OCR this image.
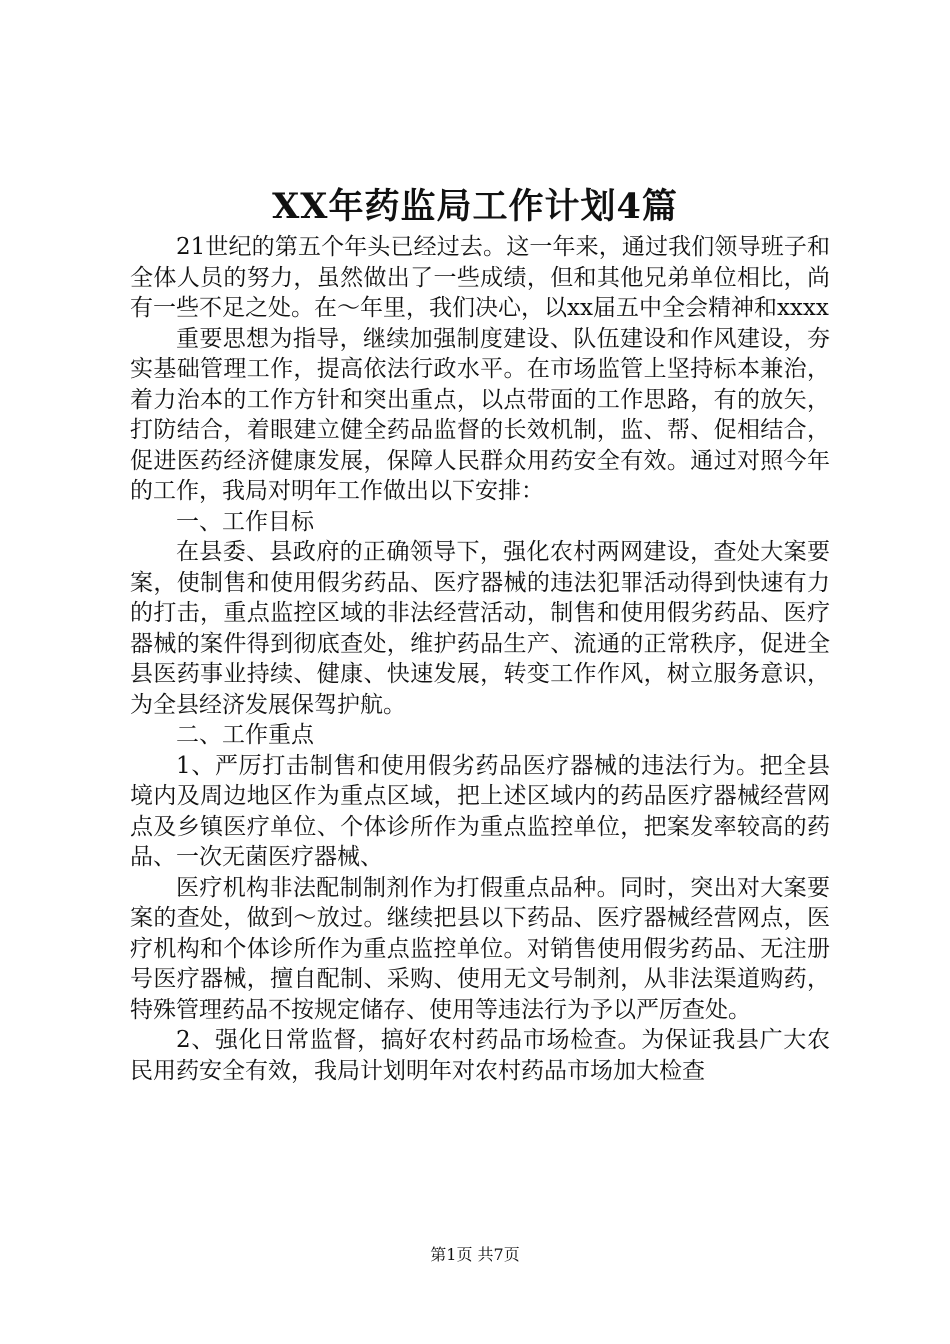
XX年药监局工作计划4篇

21世纪的第五个年头已经过去。这一年来，通过我们领导班子和全体人员的努力，虽然做出了一些成绩，但和其他兄弟单位相比，尚有一些不足之处。在～年里，我们决心，以xx届五中全会精神和xxxx

重要思想为指导，继续加强制度建设、队伍建设和作风建设，夯实基础管理工作，提高依法行政水平。在市场监管上坚持标本兼治，着力治本的工作方针和突出重点，以点带面的工作思路，有的放矢，打防结合，着眼建立健全药品监督的长效机制，监、帮、促相结合，促进医药经济健康发展，保障人民群众用药安全有效。通过对照今年的工作，我局对明年工作做出以下安排：

一、工作目标

在县委、县政府的正确领导下，强化农村两网建设，查处大案要案，使制售和使用假劣药品、医疗器械的违法犯罪活动得到快速有力的打击，重点监控区域的非法经营活动，制售和使用假劣药品、医疗器械的案件得到彻底查处，维护药品生产、流通的正常秩序，促进全县医药事业持续、健康、快速发展，转变工作作风，树立服务意识，为全县经济发展保驾护航。

二、工作重点

1、严厉打击制售和使用假劣药品医疗器械的违法行为。把全县境内及周边地区作为重点区域，把上述区域内的药品医疗器械经营网点及乡镇医疗单位、个体诊所作为重点监控单位，把案发率较高的药品、一次无菌医疗器械、

医疗机构非法配制制剂作为打假重点品种。同时，突出对大案要案的查处，做到～放过。继续把县以下药品、医疗器械经营网点，医疗机构和个体诊所作为重点监控单位。对销售使用假劣药品、无注册号医疗器械，擅自配制、采购、使用无文号制剂，从非法渠道购药，特殊管理药品不按规定储存、使用等违法行为予以严厉查处。

2、强化日常监督，搞好农村药品市场检查。为保证我县广大农民用药安全有效，我局计划明年对农村药品市场加大检查

第1页 共7页
